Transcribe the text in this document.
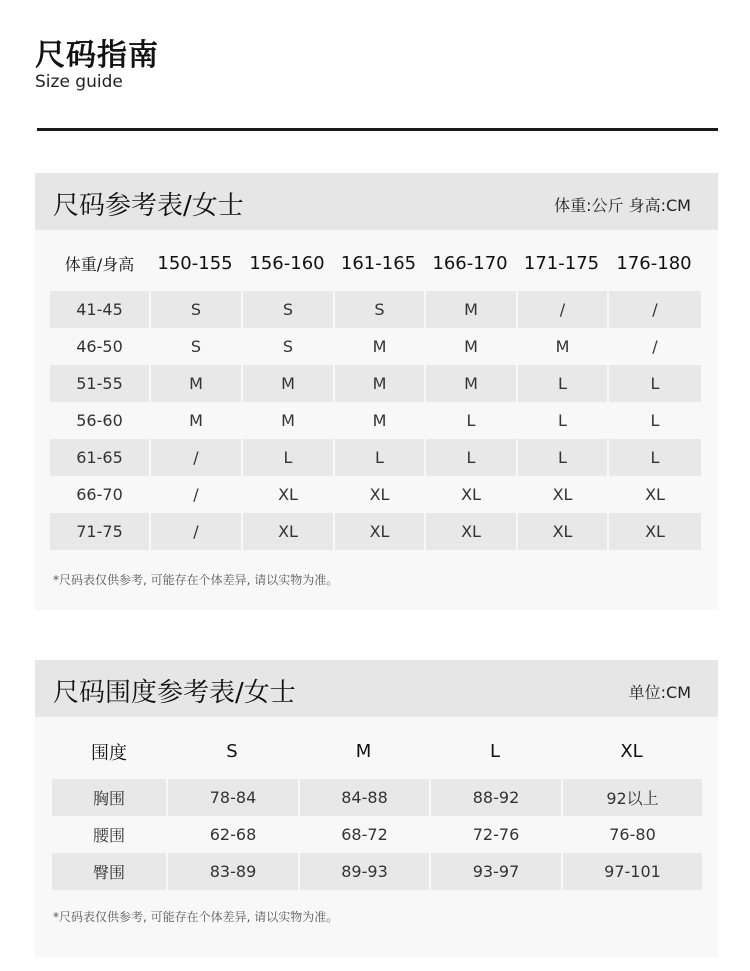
尺码指南
Size guide
尺码参考表/女士	体重:公斤 身高:CM
体重/身高	150-155	156-160	161-165	166-170	171-175	176-180
41-45	S	S	S	M	/	/
46-50	S	S	M	M	M	/
51-55	M	M	M	M	L	L
56-60	M	M	M	L	L	L
61-65	/	L	L	L	L	L
66-70	/	XL	XL	XL	XL	XL
71-75	/	XL	XL	XL	XL	XL
*尺码表仅供参考, 可能存在个体差异, 请以实物为准。
尺码围度参考表/女士	单位:CM
围度	S	M	L	XL
胸围	78-84	84-88	88-92	92以上
腰围	62-68	68-72	72-76	76-80
臀围	83-89	89-93	93-97	97-101
*尺码表仅供参考, 可能存在个体差异, 请以实物为准。
